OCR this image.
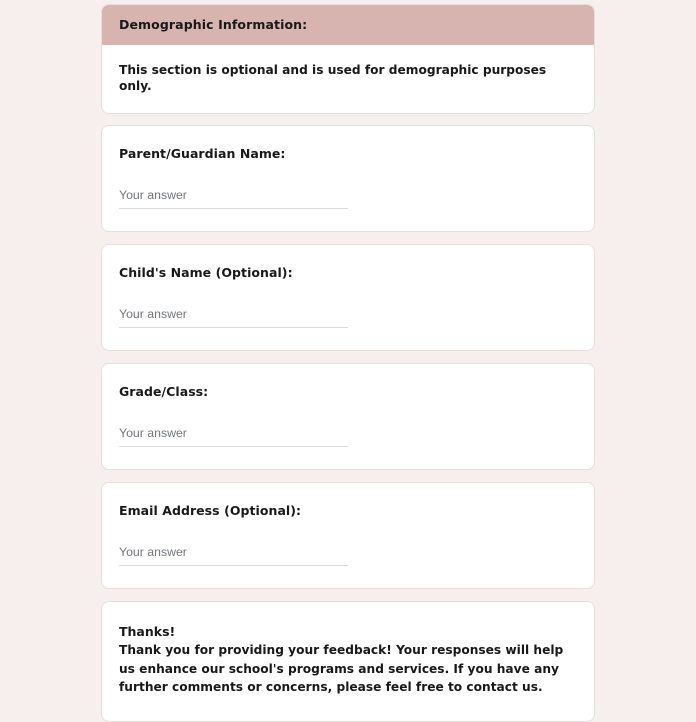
Demographic Information:
This section is optional and is used for demographic purposes only.
Parent/Guardian Name:
Your answer
Child's Name (Optional):
Your answer
Grade/Class:
Your answer
Email Address (Optional):
Your answer
Thanks!
Thank you for providing your feedback! Your responses will help us enhance our school's programs and services. If you have any further comments or concerns, please feel free to contact us.
